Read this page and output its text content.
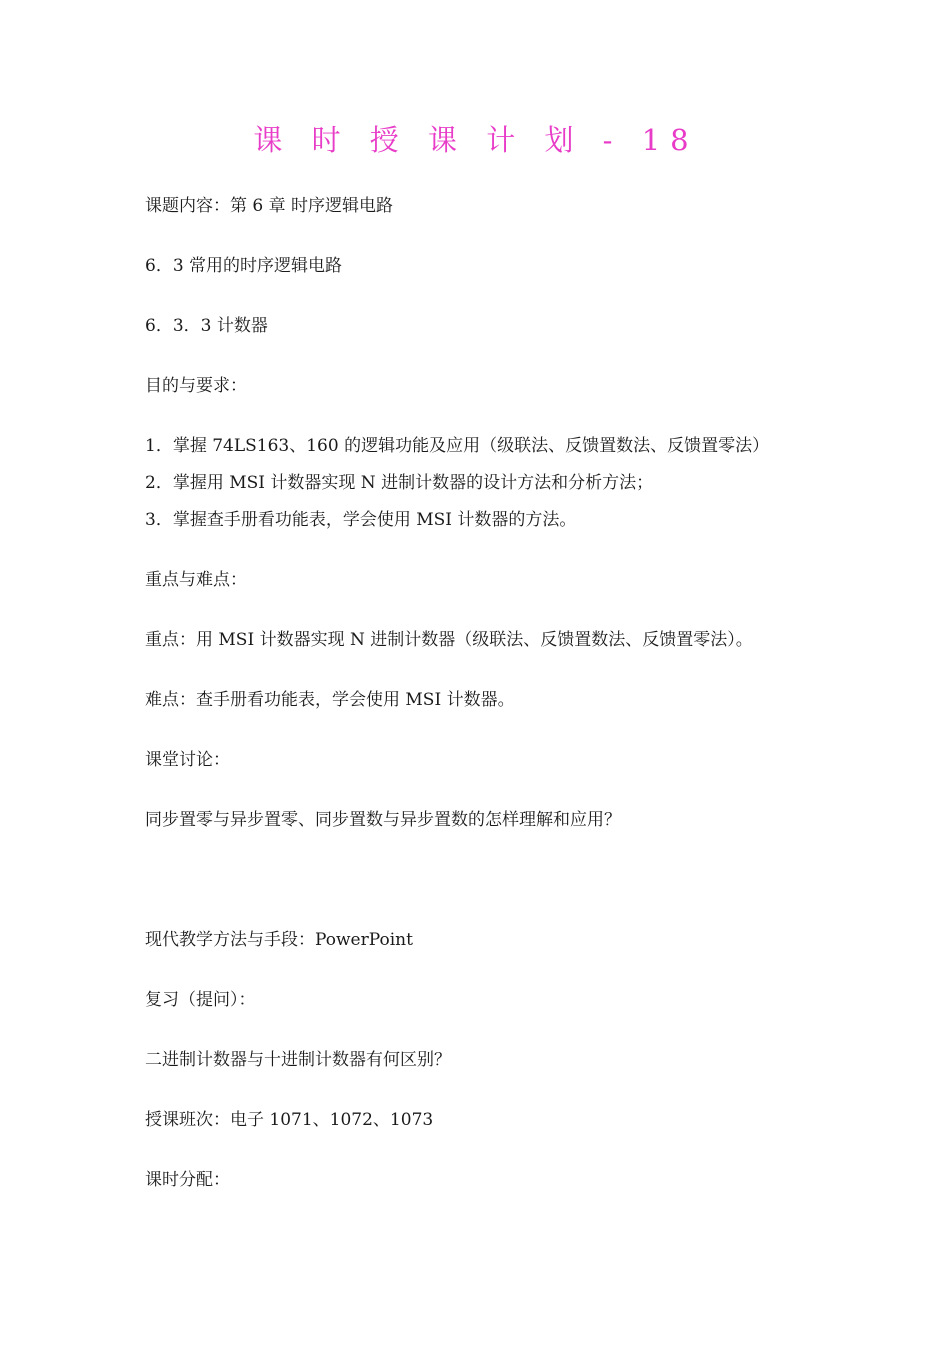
课 时 授 课 计 划 - 18
课题内容：第 6 章 时序逻辑电路
6．3 常用的时序逻辑电路
6．3．3 计数器
目的与要求：
1．掌握 74LS163、160 的逻辑功能及应用（级联法、反馈置数法、反馈置零法）
2．掌握用 MSI 计数器实现 N 进制计数器的设计方法和分析方法；
3．掌握查手册看功能表，学会使用 MSI 计数器的方法。
重点与难点：
重点：用 MSI 计数器实现 N 进制计数器（级联法、反馈置数法、反馈置零法）。
难点：查手册看功能表，学会使用 MSI 计数器。
课堂讨论：
同步置零与异步置零、同步置数与异步置数的怎样理解和应用？
现代教学方法与手段：PowerPoint
复习（提问）：
二进制计数器与十进制计数器有何区别？
授课班次：电子 1071、1072、1073
课时分配：
